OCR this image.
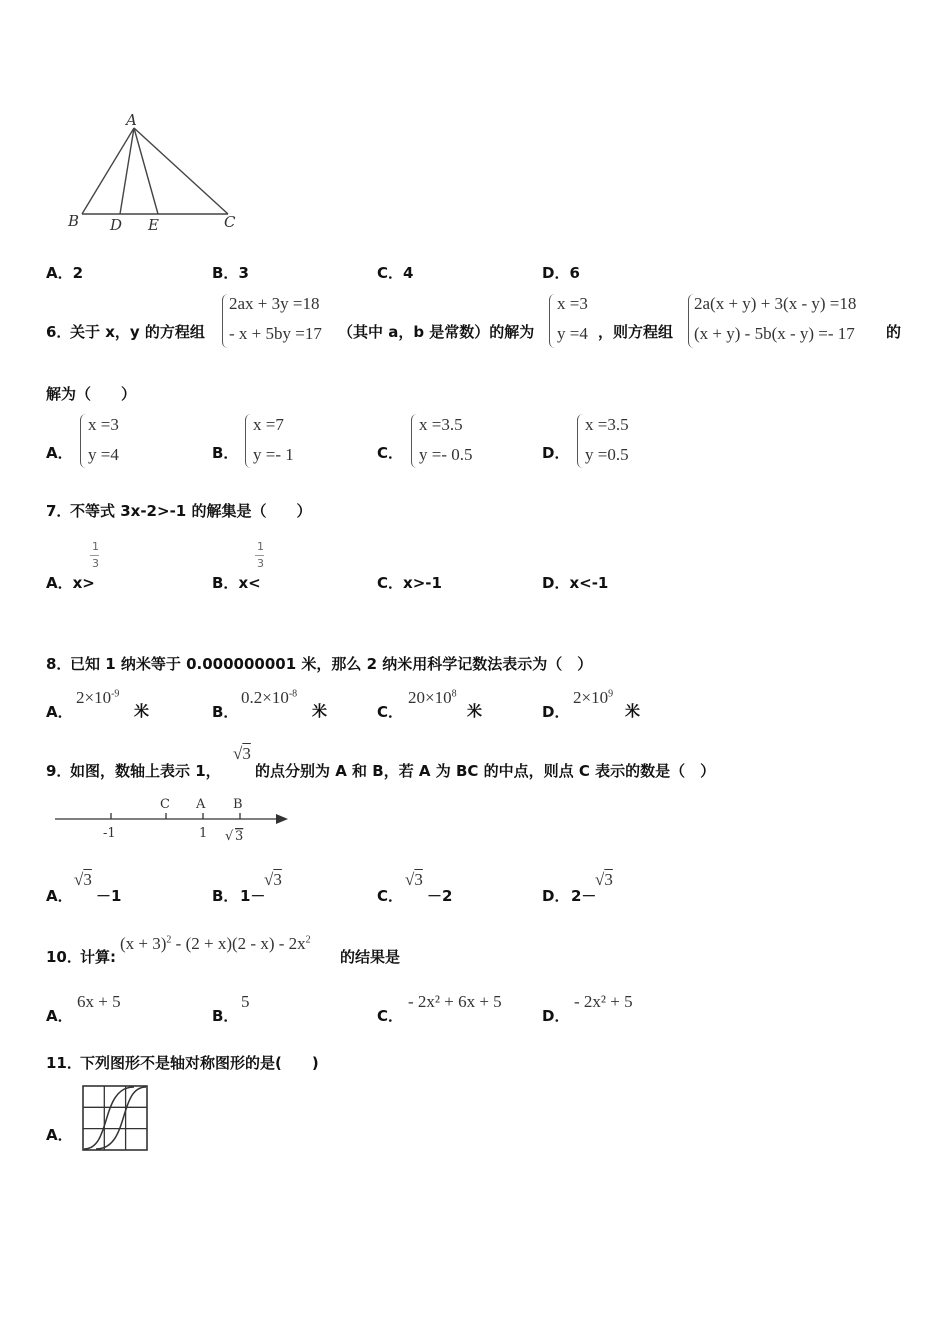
A
B D E	C
A．2	B．3	C．4	D．6
6．
关于 x，y 的方程组
2ax + 3y =18
- x + 5by =17 （其中 a，b 是常数）的解为
x =3
y =4 ，则方程组
2a(x + y) + 3(x - y) =18
(x + y) - 5b(x - y) =- 17 的
解为（　　）
A．
x =3
y =4	B．
x =7
y =- 1	C．
x =3.5
y =- 0.5	D．
x =3.5
y =0.5
7．
不等式 3x-2>-1 的解集是（　　）
A．x>
1
3
B．x<
1
3
C．x>-1	D．x<-1
8．
已知 1 纳米等于 0.000000001 米，那么 2 纳米用科学记数法表示为（　）
A．
$2\times 10^{-9}$
米	B．
$0.2\times 10^{-8}$
米	C．
$20\times 10^8$
米	D．
$2\times 10^9$
米
9．
如图，数轴上表示 1，
√3
的点分别为 A 和 B，若 A 为 BC 的中点，则点 C 表示的数是（　）
C A B
-1	1 √ 3
A．
√3
－1	B． 1－
√3
C．
√3
－2	D． 2－
√3
10．
计算:
$(x + 3)^2 - (2 + x)(2 - x) - 2x^2$
的结果是
A．
6x + 5
B．
5
C．
- 2x² + 6x + 5
D．
- 2x² + 5
11．
下列图形不是轴对称图形的是(　　)
A．
